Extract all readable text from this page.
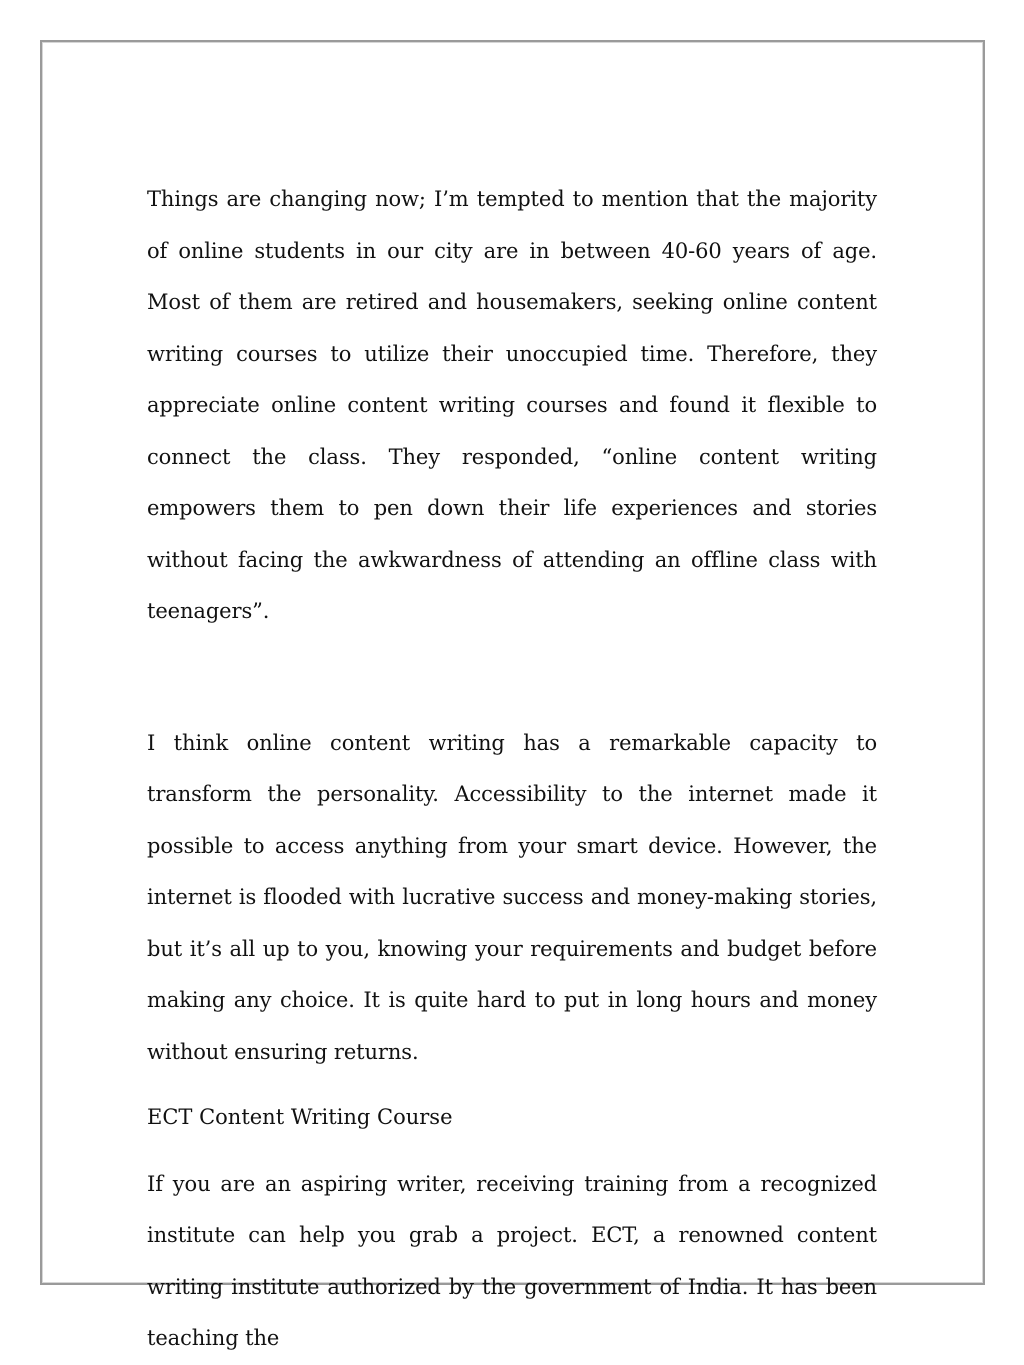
Things are changing now; I’m tempted to mention that the majority of online students in our city are in between 40-60 years of age. Most of them are retired and housemakers, seeking online content writing courses to utilize their unoccupied time. Therefore, they appreciate online content writing courses and found it flexible to connect the class. They responded, “online content writing empowers them to pen down their life experiences and stories without facing the awkwardness of attending an offline class with teenagers”.

I think online content writing has a remarkable capacity to transform the personality. Accessibility to the internet made it possible to access anything from your smart device. However, the internet is flooded with lucrative success and money-making stories, but it’s all up to you, knowing your requirements and budget before making any choice. It is quite hard to put in long hours and money without ensuring returns.

ECT Content Writing Course

If you are an aspiring writer, receiving training from a recognized institute can help you grab a project. ECT, a renowned content writing institute authorized by the government of India. It has been teaching the
